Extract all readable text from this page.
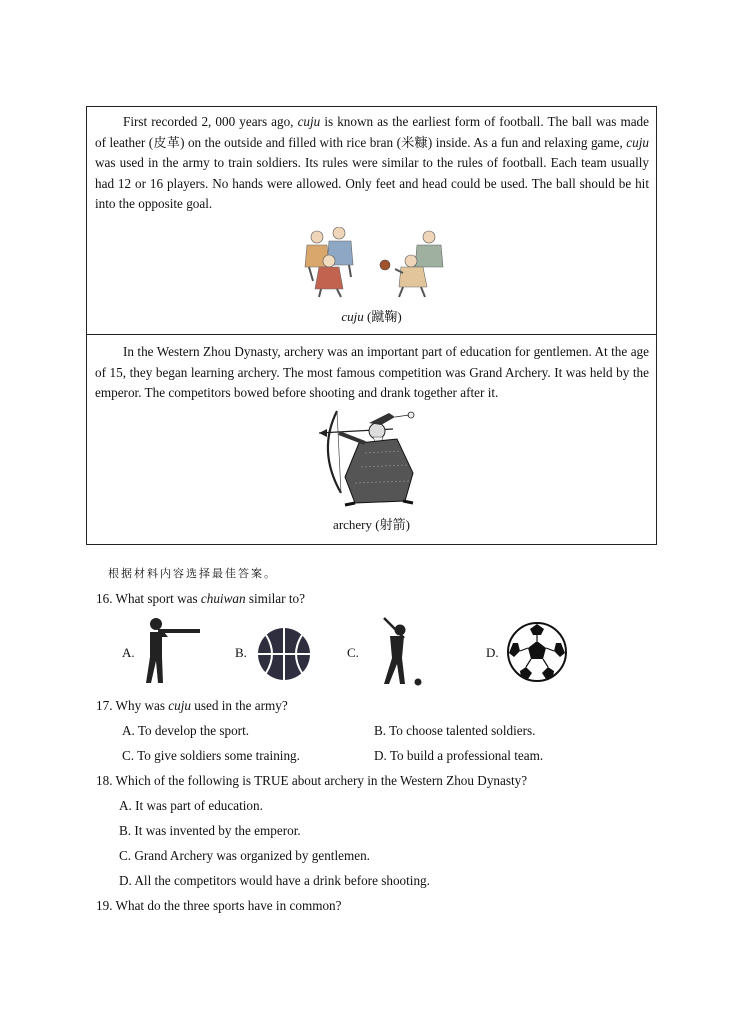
First recorded 2, 000 years ago, cuju is known as the earliest form of football. The ball was made of leather (皮革) on the outside and filled with rice bran (米糠) inside. As a fun and relaxing game, cuju was used in the army to train soldiers. Its rules were similar to the rules of football. Each team usually had 12 or 16 players. No hands were allowed. Only feet and head could be used. The ball should be hit into the opposite goal.

cuju (蹴鞠)

In the Western Zhou Dynasty, archery was an important part of education for gentlemen. At the age of 15, they began learning archery. The most famous competition was Grand Archery. It was held by the emperor. The competitors bowed before shooting and drank together after it.

archery (射箭)
根据材料内容选择最佳答案。
16. What sport was chuiwan similar to?
A.	B.	C.	D.
17. Why was cuju used in the army?
A. To develop the sport.	B. To choose talented soldiers.
C. To give soldiers some training.	D. To build a professional team.
18. Which of the following is TRUE about archery in the Western Zhou Dynasty?
A. It was part of education.
B. It was invented by the emperor.
C. Grand Archery was organized by gentlemen.
D. All the competitors would have a drink before shooting.
19. What do the three sports have in common?
